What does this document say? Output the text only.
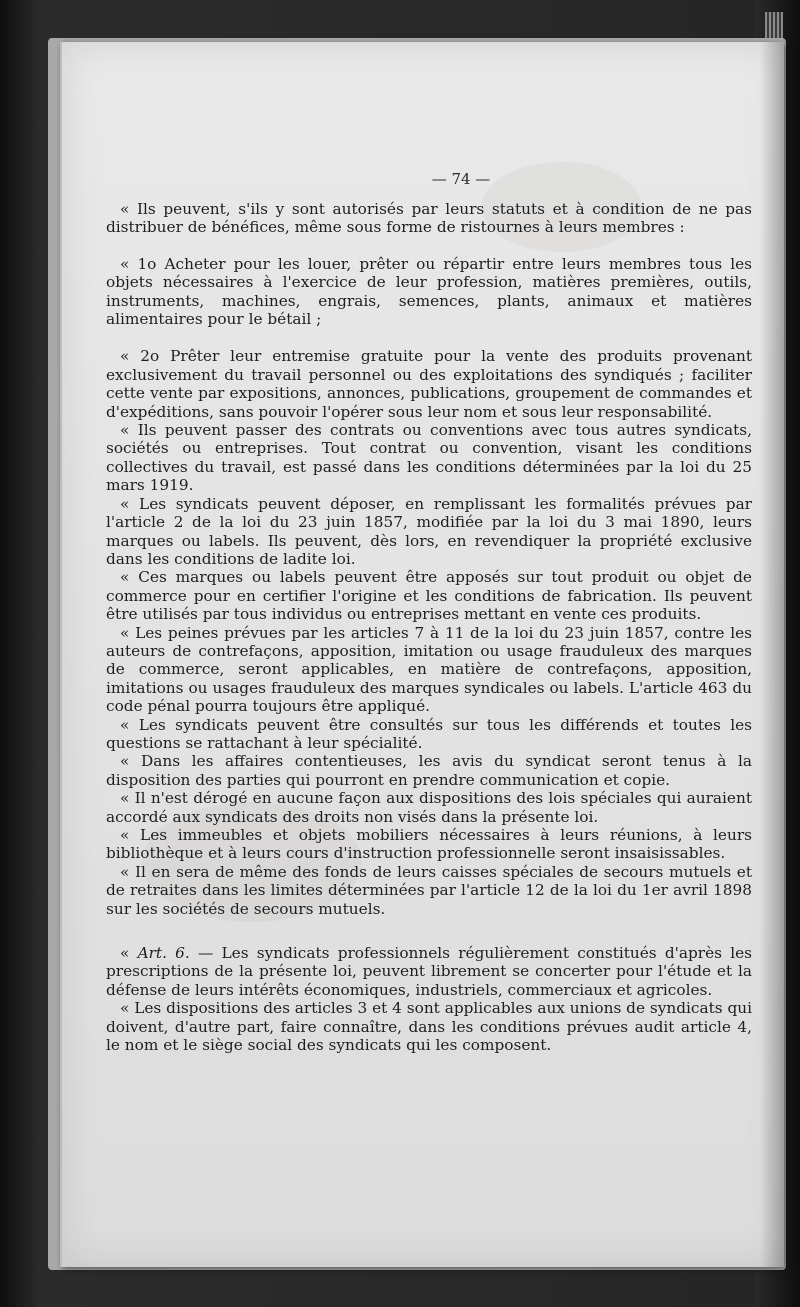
— 74 —

« Ils peuvent, s'ils y sont autorisés par leurs statuts et à condition de ne pas distribuer de bénéfices, même sous forme de ristournes à leurs membres :

« 1o Acheter pour les louer, prêter ou répartir entre leurs membres tous les objets nécessaires à l'exercice de leur profession, matières premières, outils, instruments, machines, engrais, semences, plants, animaux et matières alimentaires pour le bétail ;

« 2o Prêter leur entremise gratuite pour la vente des produits provenant exclusivement du travail personnel ou des exploitations des syndiqués ; faciliter cette vente par expositions, annonces, publications, groupement de commandes et d'expéditions, sans pouvoir l'opérer sous leur nom et sous leur responsabilité.

« Ils peuvent passer des contrats ou conventions avec tous autres syndicats, sociétés ou entreprises. Tout contrat ou convention, visant les conditions collectives du travail, est passé dans les conditions déterminées par la loi du 25 mars 1919.

« Les syndicats peuvent déposer, en remplissant les formalités prévues par l'article 2 de la loi du 23 juin 1857, modifiée par la loi du 3 mai 1890, leurs marques ou labels. Ils peuvent, dès lors, en revendiquer la propriété exclusive dans les conditions de ladite loi.

« Ces marques ou labels peuvent être apposés sur tout produit ou objet de commerce pour en certifier l'origine et les conditions de fabrication. Ils peuvent être utilisés par tous individus ou entreprises mettant en vente ces produits.

« Les peines prévues par les articles 7 à 11 de la loi du 23 juin 1857, contre les auteurs de contrefaçons, apposition, imitation ou usage frauduleux des marques de commerce, seront applicables, en matière de contrefaçons, apposition, imitations ou usages frauduleux des marques syndicales ou labels. L'article 463 du code pénal pourra toujours être appliqué.

« Les syndicats peuvent être consultés sur tous les différends et toutes les questions se rattachant à leur spécialité.

« Dans les affaires contentieuses, les avis du syndicat seront tenus à la disposition des parties qui pourront en prendre communication et copie.

« Il n'est dérogé en aucune façon aux dispositions des lois spéciales qui auraient accordé aux syndicats des droits non visés dans la présente loi.

« Les immeubles et objets mobiliers nécessaires à leurs réunions, à leurs bibliothèque et à leurs cours d'instruction professionnelle seront insaisissables.

« Il en sera de même des fonds de leurs caisses spéciales de secours mutuels et de retraites dans les limites déterminées par l'article 12 de la loi du 1er avril 1898 sur les sociétés de secours mutuels.

« Art. 6. — Les syndicats professionnels régulièrement constitués d'après les prescriptions de la présente loi, peuvent librement se concerter pour l'étude et la défense de leurs intérêts économiques, industriels, commerciaux et agricoles.

« Les dispositions des articles 3 et 4 sont applicables aux unions de syndicats qui doivent, d'autre part, faire connaître, dans les conditions prévues audit article 4, le nom et le siège social des syndicats qui les composent.
